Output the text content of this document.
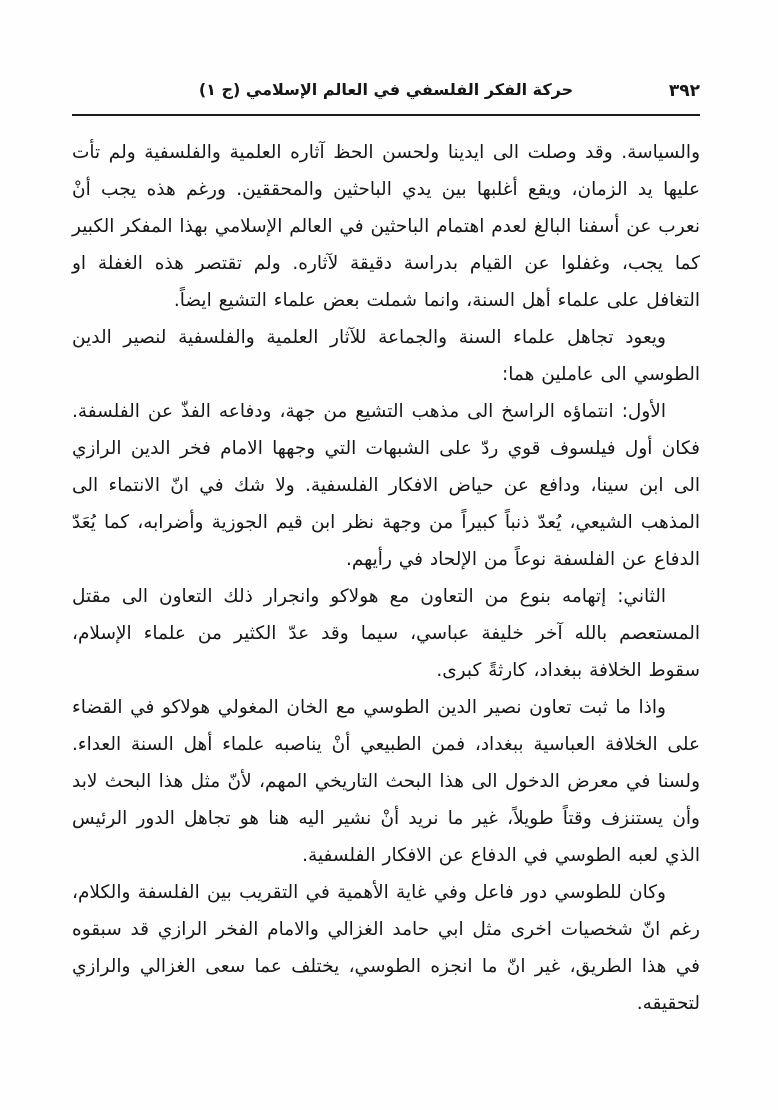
٣٩٢
حركة الفكر الفلسفي في العالم الإسلامي (ج ١)

والسياسة. وقد وصلت الى ايدينا ولحسن الحظ آثاره العلمية والفلسفية ولم تأت عليها يد الزمان، ويقع أغلبها بين يدي الباحثين والمحققين. ورغم هذه يجب أنْ نعرب عن أسفنا البالغ لعدم اهتمام الباحثين في العالم الإسلامي بهذا المفكر الكبير كما يجب، وغفلوا عن القيام بدراسة دقيقة لآثاره. ولم تقتصر هذه الغفلة او التغافل على علماء أهل السنة، وانما شملت بعض علماء التشيع ايضاً.

ويعود تجاهل علماء السنة والجماعة للآثار العلمية والفلسفية لنصير الدين الطوسي الى عاملين هما:

الأول: انتماؤه الراسخ الى مذهب التشيع من جهة، ودفاعه الفذّ عن الفلسفة. فكان أول فيلسوف قوي ردّ على الشبهات التي وجهها الامام فخر الدين الرازي الى ابن سينا، ودافع عن حياض الافكار الفلسفية. ولا شك في انّ الانتماء الى المذهب الشيعي، يُعدّ ذنباً كبيراً من وجهة نظر ابن قيم الجوزية وأضرابه، كما يُعَدّ الدفاع عن الفلسفة نوعاً من الإلحاد في رأيهم.

الثاني: إتهامه بنوع من التعاون مع هولاكو وانجرار ذلك التعاون الى مقتل المستعصم بالله آخر خليفة عباسي، سيما وقد عدّ الكثير من علماء الإسلام، سقوط الخلافة ببغداد، كارثةً كبرى.

واذا ما ثبت تعاون نصير الدين الطوسي مع الخان المغولي هولاكو في القضاء على الخلافة العباسية ببغداد، فمن الطبيعي أنْ يناصبه علماء أهل السنة العداء. ولسنا في معرض الدخول الى هذا البحث التاريخي المهم، لأنّ مثل هذا البحث لابد وأن يستنزف وقتاً طويلاً، غير ما نريد أنْ نشير اليه هنا هو تجاهل الدور الرئيس الذي لعبه الطوسي في الدفاع عن الافكار الفلسفية.

وكان للطوسي دور فاعل وفي غاية الأهمية في التقريب بين الفلسفة والكلام، رغم انّ شخصيات اخرى مثل ابي حامد الغزالي والامام الفخر الرازي قد سبقوه في هذا الطريق، غير انّ ما انجزه الطوسي، يختلف عما سعى الغزالي والرازي لتحقيقه.
